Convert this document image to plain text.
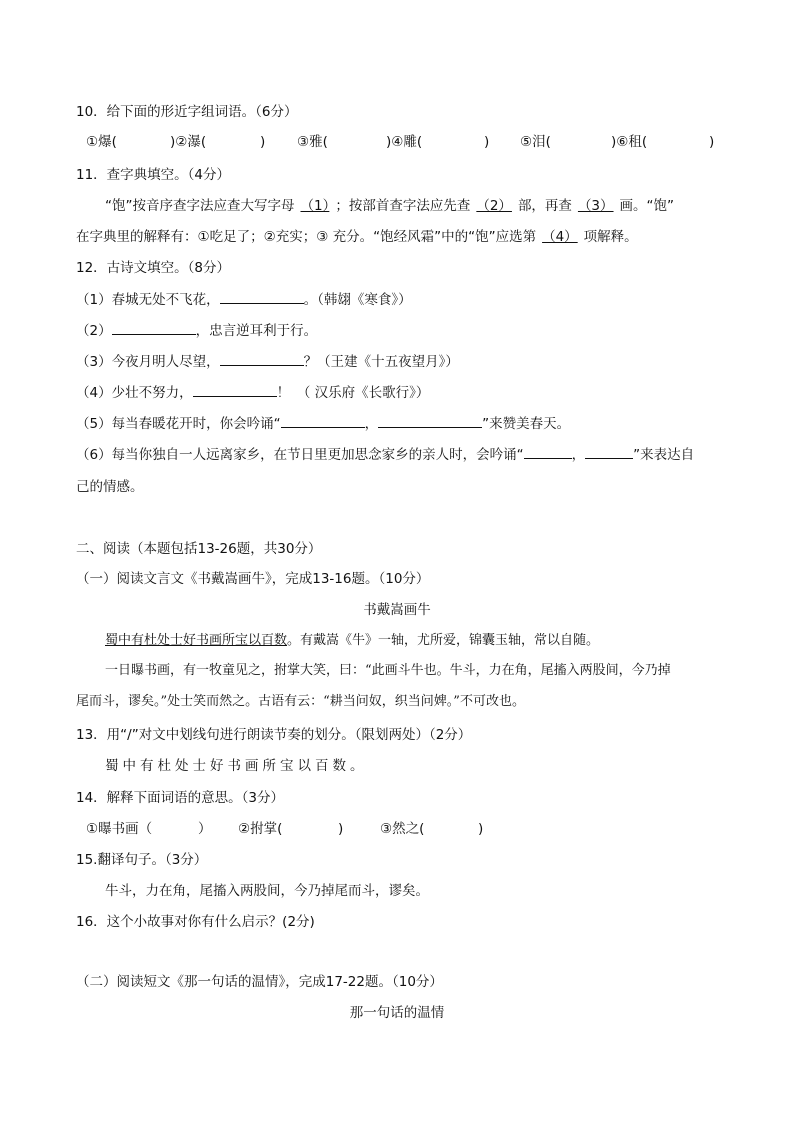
10．给下面的形近字组词语。（6分）
①爆(	)②瀑(	) ③雅(	)④雕(	) ⑤泪(	)⑥租(	)
11．查字典填空。（4分）
“饱”按音序查字法应查大写字母 （1） ；按部首查字法应先查 （2） 部，再查 （3） 画。“饱”
在字典里的解释有：①吃足了；②充实；③ 充分。“饱经风霜”中的“饱”应选第 （4） 项解释。
12．古诗文填空。（8分）
（1）春城无处不飞花，	。（韩翃《寒食》）
（2）	，忠言逆耳利于行。
（3）今夜月明人尽望，	？（王建《十五夜望月》）
（4）少壮不努力，	！　（ 汉乐府《长歌行》）
（5）每当春暖花开时，你会吟诵“	，	”来赞美春天。
（6）每当你独自一人远离家乡，在节日里更加思念家乡的亲人时，会吟诵“	，	”来表达自
己的情感。
二、阅读（本题包括13-26题，共30分）
（一）阅读文言文《书戴嵩画牛》，完成13-16题。（10分）
书戴嵩画牛
蜀中有杜处士好书画所宝以百数。有戴嵩《牛》一轴，尤所爱，锦囊玉轴，常以自随。
一日曝书画，有一牧童见之，拊掌大笑，曰：“此画斗牛也。牛斗，力在角，尾搐入两股间，今乃掉
尾而斗，谬矣。”处士笑而然之。古语有云：“耕当问奴，织当问婢。”不可改也。
13．用“/”对文中划线句进行朗读节奏的划分。（限划两处）（2分）
蜀中有杜处士好书画所宝以百数。
14．解释下面词语的意思。（3分）
①曝书画（	） ②拊掌(	)	③然之(	)
15.翻译句子。（3分）
牛斗，力在角，尾搐入两股间，今乃掉尾而斗，谬矣。
16．这个小故事对你有什么启示？(2分)
（二）阅读短文《那一句话的温情》，完成17-22题。（10分）
那一句话的温情
